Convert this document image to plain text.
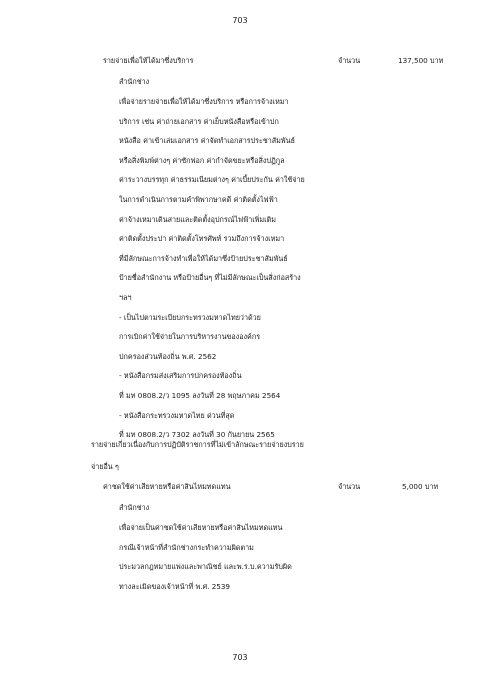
703
รายจ่ายเพื่อให้ได้มาซึ่งบริการ	จำนวน	137,500 บาท
สำนักช่าง
เพื่อจ่ายรายจ่ายเพื่อให้ได้มาซึ่งบริการ หรือการจ้างเหมา
บริการ เช่น ค่าถ่ายเอกสาร ค่าเย็บหนังสือหรือเข้าปก
หนังสือ ค่าเข้าเล่มเอกสาร ค่าจัดทำเอกสารประชาสัมพันธ์
หรือสิ่งพิมพ์ต่างๆ ค่าซักฟอก ค่ากำจัดขยะหรือสิ่งปฏิกูล
ค่าระวางบรรทุก ค่าธรรมเนียมต่างๆ ค่าเบี้ยประกัน ค่าใช้จ่าย
ในการดำเนินการตามคำพิพากษาคดี ค่าติดตั้งไฟฟ้า
ค่าจ้างเหมาเดินสายและติดตั้งอุปกรณ์ไฟฟ้าเพิ่มเติม
ค่าติดตั้งประปา ค่าติดตั้งโทรศัพท์ รวมถึงการจ้างเหมา
ที่มีลักษณะการจ้างทำเพื่อให้ได้มาซึ่งป้ายประชาสัมพันธ์
ป้ายชื่อสำนักงาน หรือป้ายอื่นๆ ที่ไม่มีลักษณะเป็นสิ่งก่อสร้าง
ฯลฯ
- เป็นไปตามระเบียบกระทรวงมหาดไทยว่าด้วย
การเบิกค่าใช้จ่ายในการบริหารงานขององค์กร
ปกครองส่วนท้องถิ่น พ.ศ. 2562
- หนังสือกรมส่งเสริมการปกครองท้องถิ่น
ที่ มท 0808.2/ว 1095 ลงวันที่ 28 พฤษภาคม 2564
- หนังสือกระทรวงมหาดไทย ด่วนที่สุด
ที่ มท 0808.2/ว 7302 ลงวันที่ 30 กันยายน 2565
รายจ่ายเกี่ยวเนื่องกับการปฏิบัติราชการที่ไม่เข้าลักษณะรายจ่ายงบราย
จ่ายอื่น ๆ
ค่าชดใช้ค่าเสียหายหรือค่าสินไหมทดแทน	จำนวน	5,000 บาท
สำนักช่าง
เพื่อจ่ายเป็นค่าชดใช้ค่าเสียหายหรือค่าสินไหมทดแทน
กรณีเจ้าหน้าที่สำนักช่างกระทำความผิดตาม
ประมวลกฎหมายแพ่งและพาณิชย์ และพ.ร.บ.ความรับผิด
ทางละเมิดของเจ้าหน้าที่ พ.ศ. 2539
703
